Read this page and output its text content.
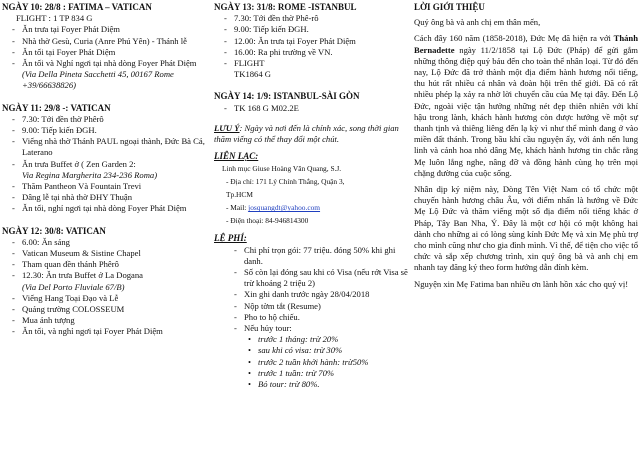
NGÀY 10: 28/8 : FATIMA – VATICAN

FLIGHT : 1 TP 834 G

- Ăn trưa tại Foyer Phát Diệm
- Nhà thờ Gesù, Curia (Anre Phú Yên) - Thánh lễ
- Ăn tối tại Foyer Phát Diệm
- Ăn tối và Nghỉ ngơi tại nhà dòng Foyer Phát Diệm
(Via Della Pineta Sacchetti 45, 00167 Rome +39/66638826)

NGÀY 11: 29/8 -: VATICAN

- 7.30: Tới đền thờ Phêrô
- 9.00: Tiếp kiến ĐGH.
- Viếng nhà thờ Thánh PAUL ngoại thành, Đức Bà Cả, Laterano
- Ăn trưa Buffet ở ( Zen Garden 2:
Via Regina Margherita 234-236 Roma)
- Thăm Pantheon Và Fountain Trevi
- Dâng lễ tại nhà thờ ĐHY Thuận
- Ăn tối, nghỉ ngơi tại nhà dòng Foyer Phát Diệm

NGÀY 12: 30/8: VATICAN

- 6.00: Ăn sáng
- Vatican Museum & Sistine Chapel
- Tham quan đền thánh Phêrô
- 12.30: Ăn trưa Buffet ở La Dogana
(Via Del Porto Fluviale 67/B)
- Viếng Hang Toại Đạo và Lễ
- Quảng trường COLOSSEUM
- Mua ảnh tượng
- Ăn tối, và nghỉ ngơi tại Foyer Phát Diệm

NGÀY 13: 31/8: ROME -ISTANBUL

- 7.30: Tới đền thờ Phê-rô
- 9.00: Tiếp kiến ĐGH.
- 12.00: Ăn trưa tại Foyer Phát Diệm
- 16.00: Ra phi trường về VN.
- FLIGHT
TK1864 G

NGÀY 14: 1/9: ISTANBUL-SÀI GÒN

- TK 168 G M02.2E
LƯU Ý: Ngày và nơi đến là chính xác, song thời gian thăm viếng có thể thay đổi một chút.
LIÊN LẠC:
Linh mục Giuse Hoàng Văn Quang, S.J.
- Địa chỉ: 171 Lý Chính Thắng, Quận 3,
Tp.HCM
- Mail: josquangdt@yahoo.com
- Điện thoại: 84-946814300
LỆ PHÍ:
- Chi phí trọn gói: 77 triệu. đóng 50% khi ghi danh.
- Số còn lại đóng sau khi có Visa (nếu rớt Visa sẽ trừ khoảng 2 triệu 2)
- Xin ghi danh trước ngày 28/04/2018
- Nộp tờm tắt (Resume)
- Pho to hộ chiếu.
- Nếu hủy tour:
• trước 1 tháng: trừ 20%
• sau khi có visa: trừ 30%
• trước 2 tuần khởi hành: trừ50%
• trước 1 tuần: trừ 70%
• Bỏ tour: trừ 80%.

LỜI GIỚI THIỆU

Quý ông bà và anh chị em thân mến,

Cách đây 160 năm (1858-2018), Đức Mẹ đã hiện ra với Thánh Bernadette ngày 11/2/1858 tại Lộ Đức (Pháp) để gửi gắm những thông điệp quý báu đến cho toàn thể nhân loại. Từ đó đến nay, Lộ Đức đã trở thành một địa điểm hành hương nổi tiếng, thu hút rất nhiều cá nhân và đoàn hội trên thế giới. Đã có rất nhiều phép lạ xảy ra nhờ lời chuyển cầu của Mẹ tại đây. Đến Lộ Đức, ngoài việc tận hưởng những nét đẹp thiên nhiên với khí hậu trong lành, khách hành hương còn được hướng về một sự thanh tịnh và thiêng liêng đến lạ kỳ vì như thể mình đang ở vào miền đất thánh. Trong bầu khí cầu nguyện ấy, với ánh nến lung linh và cảnh hoa nhỏ dâng Mẹ, khách hành hương tin chắc rằng Mẹ luôn lắng nghe, nâng đỡ và đồng hành cùng họ trên mọi chặng đường của cuộc sống.

Nhân dịp kỷ niệm này, Dòng Tên Việt Nam có tổ chức một chuyến hành hương châu Âu, với điểm nhấn là hướng về Đức Mẹ Lộ Đức và thăm viếng một số địa điểm nổi tiếng khác ở Pháp, Tây Ban Nha, Ý. Đây là một cơ hội có một không hai dành cho những ai có lòng sùng kính Đức Mẹ và xin Mẹ phù trợ cho mình cũng như cho gia đình mình. Vì thế, để tiện cho việc tổ chức và sắp xếp chương trình, xin quý ông bà và anh chị em nhanh tay đăng ký theo form hướng dẫn đính kèm.

Nguyện xin Mẹ Fatima ban nhiều ơn lành hồn xác cho quý vị!
